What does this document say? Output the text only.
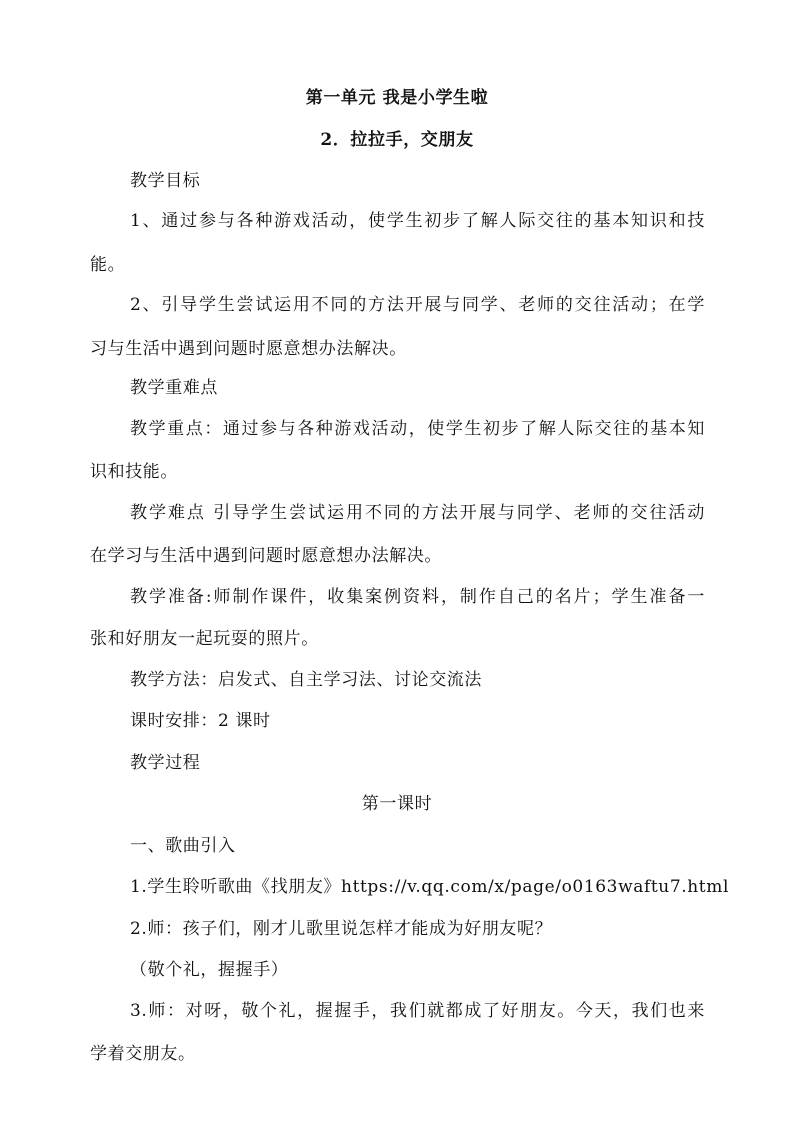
第一单元 我是小学生啦
2．拉拉手，交朋友
教学目标
1、通过参与各种游戏活动，使学生初步了解人际交往的基本知识和技
能。
2、引导学生尝试运用不同的方法开展与同学、老师的交往活动；在学
习与生活中遇到问题时愿意想办法解决。
教学重难点
教学重点：通过参与各种游戏活动，使学生初步了解人际交往的基本知
识和技能。
教学难点 引导学生尝试运用不同的方法开展与同学、老师的交往活动
在学习与生活中遇到问题时愿意想办法解决。
教学准备:师制作课件，收集案例资料，制作自己的名片；学生准备一
张和好朋友一起玩耍的照片。
教学方法：启发式、自主学习法、讨论交流法
课时安排：2 课时
教学过程
第一课时
一、歌曲引入
1.学生聆听歌曲《找朋友》https://v.qq.com/x/page/o0163waftu7.html
2.师：孩子们，刚才儿歌里说怎样才能成为好朋友呢？
（敬个礼，握握手）
3.师：对呀，敬个礼，握握手，我们就都成了好朋友。今天，我们也来
学着交朋友。
